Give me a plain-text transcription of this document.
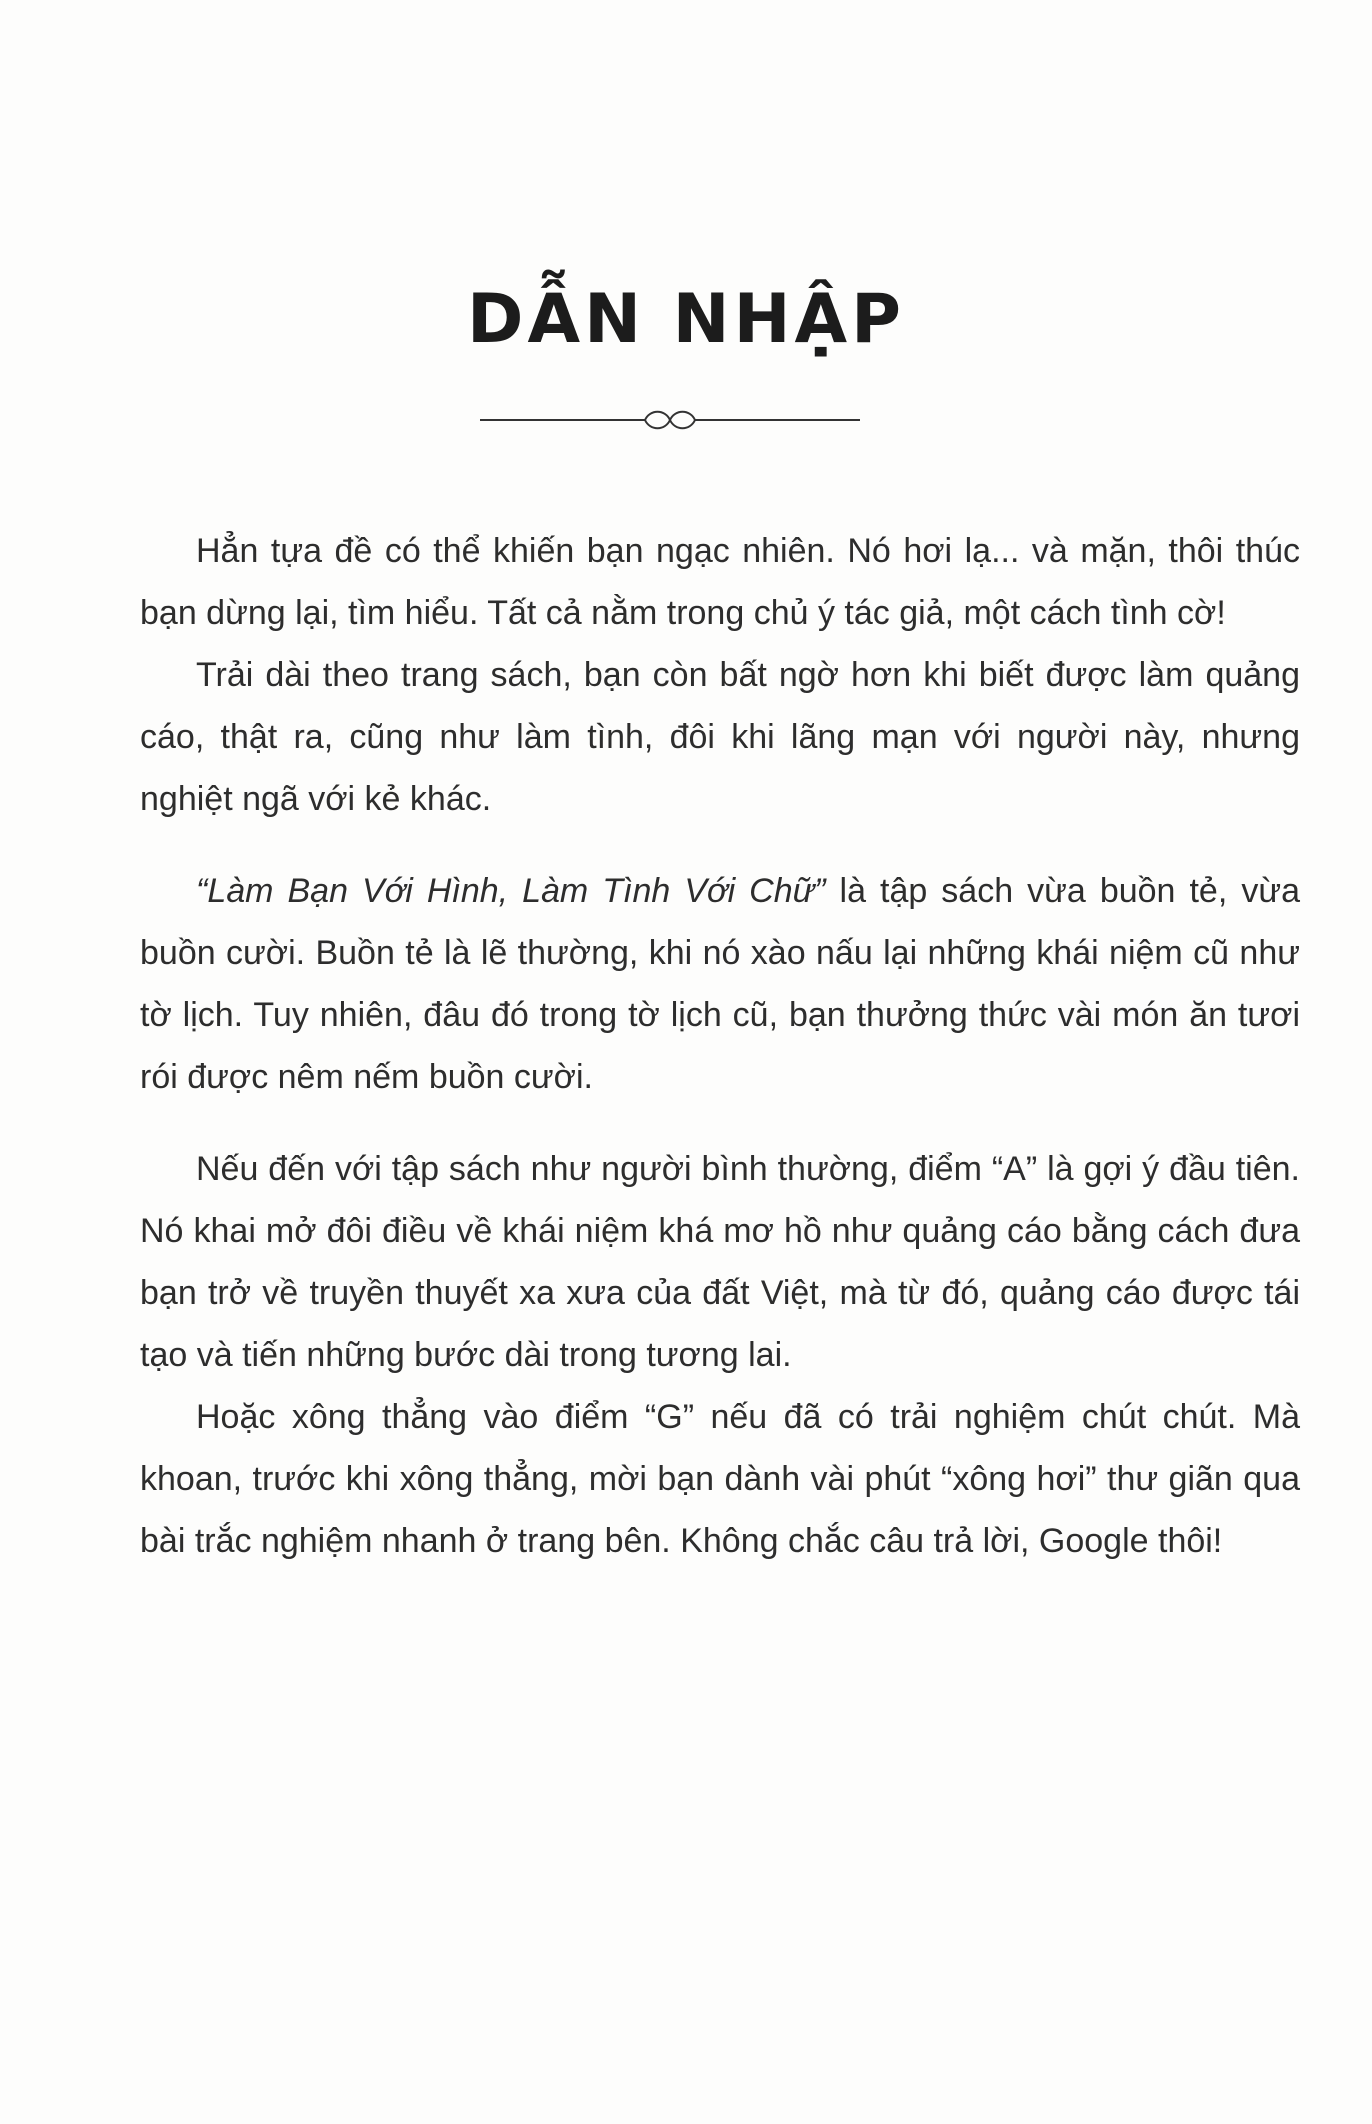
DẪN NHẬP

Hẳn tựa đề có thể khiến bạn ngạc nhiên. Nó hơi lạ... và mặn, thôi thúc bạn dừng lại, tìm hiểu. Tất cả nằm trong chủ ý tác giả, một cách tình cờ!

Trải dài theo trang sách, bạn còn bất ngờ hơn khi biết được làm quảng cáo, thật ra, cũng như làm tình, đôi khi lãng mạn với người này, nhưng nghiệt ngã với kẻ khác.

“Làm Bạn Với Hình, Làm Tình Với Chữ” là tập sách vừa buồn tẻ, vừa buồn cười. Buồn tẻ là lẽ thường, khi nó xào nấu lại những khái niệm cũ như tờ lịch. Tuy nhiên, đâu đó trong tờ lịch cũ, bạn thưởng thức vài món ăn tươi rói được nêm nếm buồn cười.

Nếu đến với tập sách như người bình thường, điểm “A” là gợi ý đầu tiên. Nó khai mở đôi điều về khái niệm khá mơ hồ như quảng cáo bằng cách đưa bạn trở về truyền thuyết xa xưa của đất Việt, mà từ đó, quảng cáo được tái tạo và tiến những bước dài trong tương lai.

Hoặc xông thẳng vào điểm “G” nếu đã có trải nghiệm chút chút. Mà khoan, trước khi xông thẳng, mời bạn dành vài phút “xông hơi” thư giãn qua bài trắc nghiệm nhanh ở trang bên. Không chắc câu trả lời, Google thôi!
